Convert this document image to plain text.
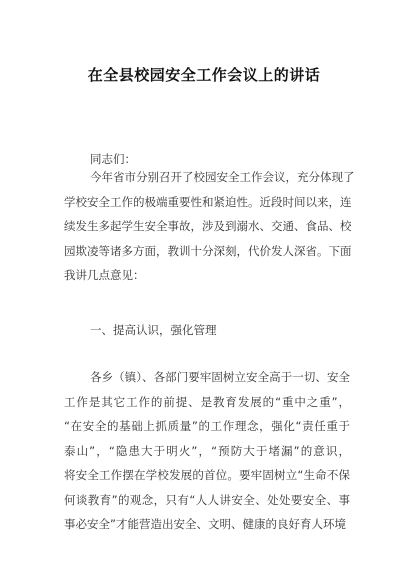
在全县校园安全工作会议上的讲话
同志们：
今年省市分别召开了校园安全工作会议，充分体现了
学校安全工作的极端重要性和紧迫性。近段时间以来，连
续发生多起学生安全事故，涉及到溺水、交通、食品、校
园欺凌等诸多方面，教训十分深刻，代价发人深省。下面
我讲几点意见：
一、提高认识，强化管理
各乡（镇）、各部门要牢固树立安全高于一切、安全
工作是其它工作的前提、是教育发展的“重中之重”，
“在安全的基础上抓质量”的工作理念，强化“责任重于
泰山”，“隐患大于明火”，“预防大于堵漏”的意识，
将安全工作摆在学校发展的首位。要牢固树立“生命不保
何谈教育”的观念，只有“人人讲安全、处处要安全、事
事必安全”才能营造出安全、文明、健康的良好育人环境
